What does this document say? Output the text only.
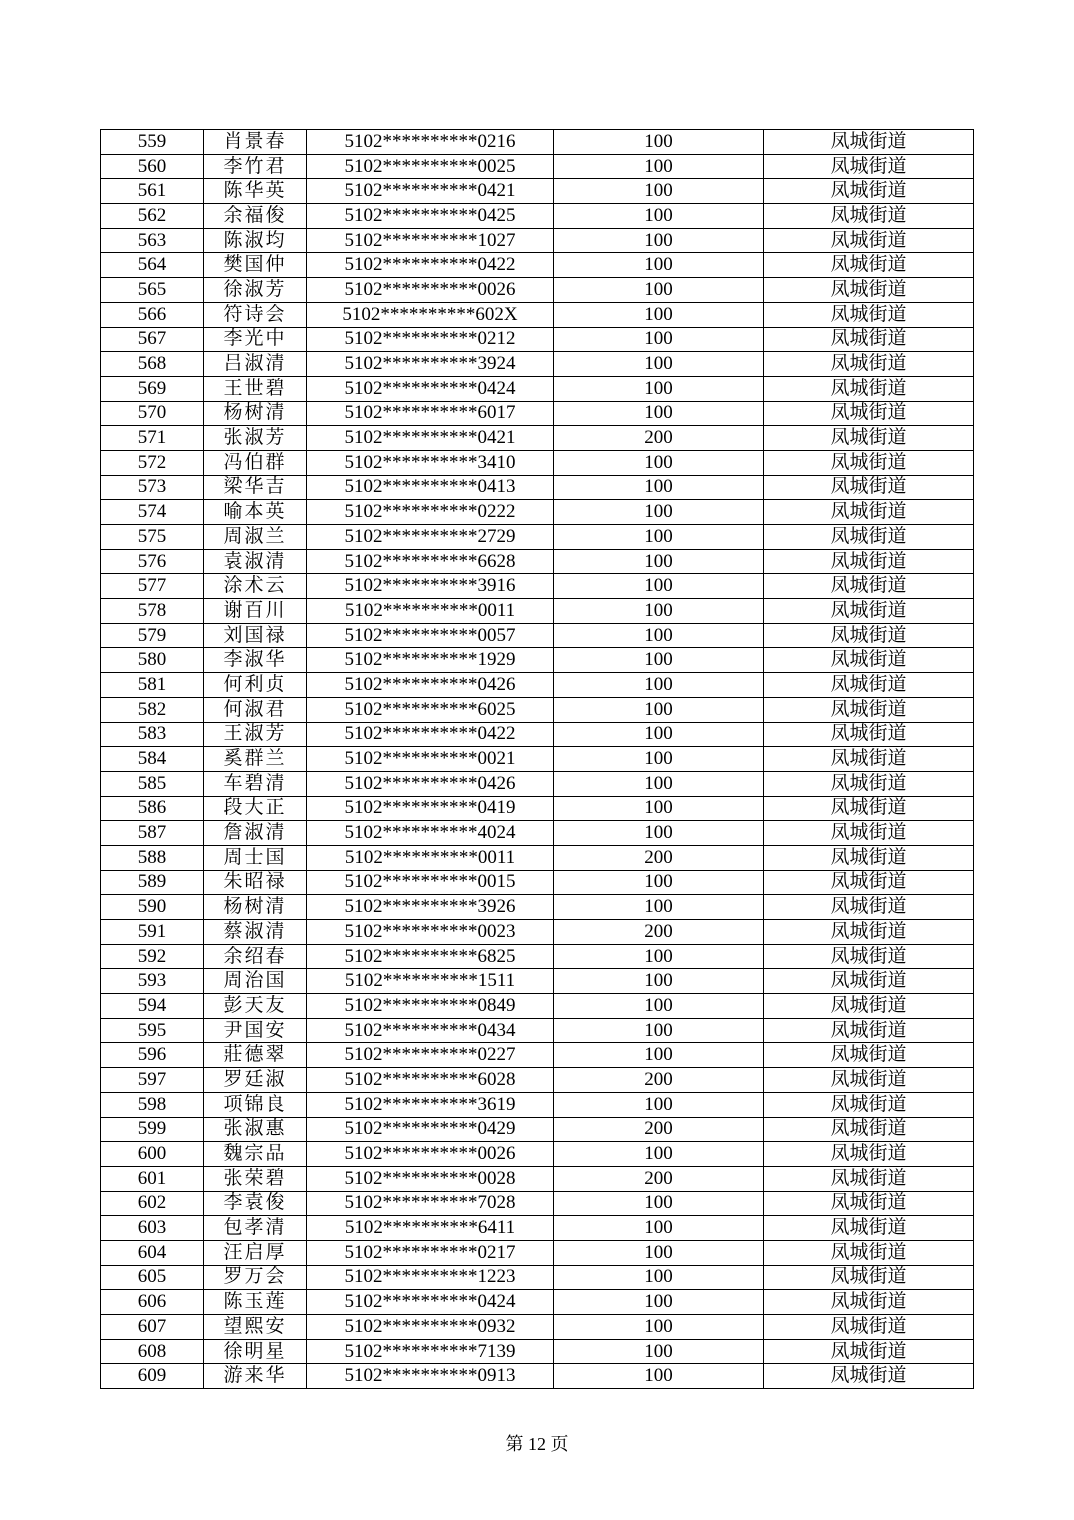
559	肖景春	5102**********0216	100	凤城街道
560	李竹君	5102**********0025	100	凤城街道
561	陈华英	5102**********0421	100	凤城街道
562	余福俊	5102**********0425	100	凤城街道
563	陈淑均	5102**********1027	100	凤城街道
564	樊国仲	5102**********0422	100	凤城街道
565	徐淑芳	5102**********0026	100	凤城街道
566	符诗会	5102**********602X	100	凤城街道
567	李光中	5102**********0212	100	凤城街道
568	吕淑清	5102**********3924	100	凤城街道
569	王世碧	5102**********0424	100	凤城街道
570	杨树清	5102**********6017	100	凤城街道
571	张淑芳	5102**********0421	200	凤城街道
572	冯伯群	5102**********3410	100	凤城街道
573	梁华吉	5102**********0413	100	凤城街道
574	喻本英	5102**********0222	100	凤城街道
575	周淑兰	5102**********2729	100	凤城街道
576	袁淑清	5102**********6628	100	凤城街道
577	涂术云	5102**********3916	100	凤城街道
578	谢百川	5102**********0011	100	凤城街道
579	刘国禄	5102**********0057	100	凤城街道
580	李淑华	5102**********1929	100	凤城街道
581	何利贞	5102**********0426	100	凤城街道
582	何淑君	5102**********6025	100	凤城街道
583	王淑芳	5102**********0422	100	凤城街道
584	奚群兰	5102**********0021	100	凤城街道
585	车碧清	5102**********0426	100	凤城街道
586	段大正	5102**********0419	100	凤城街道
587	詹淑清	5102**********4024	100	凤城街道
588	周士国	5102**********0011	200	凤城街道
589	朱昭禄	5102**********0015	100	凤城街道
590	杨树清	5102**********3926	100	凤城街道
591	蔡淑清	5102**********0023	200	凤城街道
592	余绍春	5102**********6825	100	凤城街道
593	周治国	5102**********1511	100	凤城街道
594	彭天友	5102**********0849	100	凤城街道
595	尹国安	5102**********0434	100	凤城街道
596	莊德翠	5102**********0227	100	凤城街道
597	罗廷淑	5102**********6028	200	凤城街道
598	项锦良	5102**********3619	100	凤城街道
599	张淑惠	5102**********0429	200	凤城街道
600	魏宗品	5102**********0026	100	凤城街道
601	张荣碧	5102**********0028	200	凤城街道
602	李袁俊	5102**********7028	100	凤城街道
603	包孝清	5102**********6411	100	凤城街道
604	汪启厚	5102**********0217	100	凤城街道
605	罗万会	5102**********1223	100	凤城街道
606	陈玉莲	5102**********0424	100	凤城街道
607	望熙安	5102**********0932	100	凤城街道
608	徐明星	5102**********7139	100	凤城街道
609	游来华	5102**********0913	100	凤城街道
第 12 页
